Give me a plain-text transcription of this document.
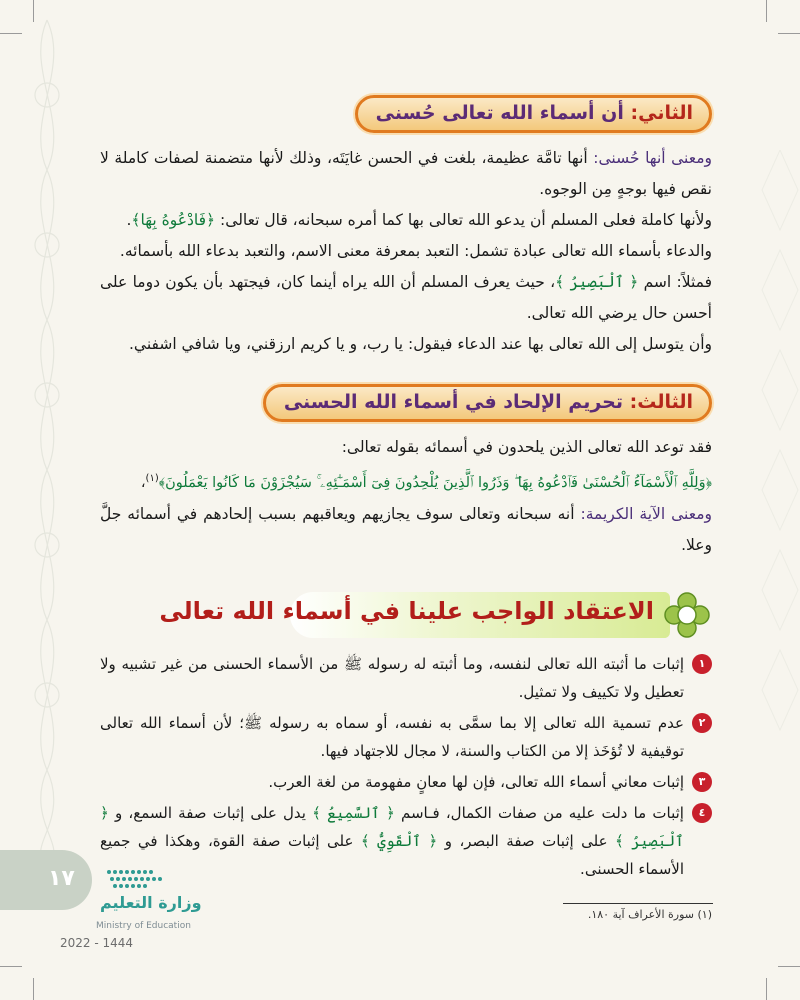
الثاني: أن أسماء الله تعالى حُسنى

ومعنى أنها حُسنى: أنها تامَّة عظيمة، بلغت في الحسن غايَتَه، وذلك لأنها متضمنة لصفات كاملة لا نقص فيها بوجهٍ مِن الوجوه.

ولأنها كاملة فعلى المسلم أن يدعو الله تعالى بها كما أمره سبحانه، قال تعالى: ﴿فَادْعُوهُ بِهَا﴾.

والدعاء بأسماء الله تعالى عبادة تشمل: التعبد بمعرفة معنى الاسم، والتعبد بدعاء الله بأسمائه.

فمثلاً: اسم ﴿ ٱلْبَصِيرُ ﴾، حيث يعرف المسلم أن الله يراه أينما كان، فيجتهد بأن يكون دوما على أحسن حال يرضي الله تعالى.

وأن يتوسل إلى الله تعالى بها عند الدعاء فيقول: يا رب، و يا كريم ارزقني، ويا شافي اشفني.

الثالث: تحريم الإلحاد في أسماء الله الحسنى

فقد توعد الله تعالى الذين يلحدون في أسمائه بقوله تعالى:

﴿وَلِلَّهِ ٱلْأَسْمَآءُ ٱلْحُسْنَىٰ فَٱدْعُوهُ بِهَا ۖ وَذَرُوا ٱلَّذِينَ يُلْحِدُونَ فِىٓ أَسْمَـٰٓئِهِۦ ۚ سَيُجْزَوْنَ مَا كَانُوا يَعْمَلُونَ﴾$^{(١)}$،

ومعنى الآية الكريمة: أنه سبحانه وتعالى سوف يجازيهم ويعاقبهم بسبب إلحادهم في أسمائه جلَّ وعلا.

الاعتقاد الواجب علينا في أسماء الله تعالى
١
إثبات ما أثبته الله تعالى لنفسه، وما أثبته له رسوله ﷺ من الأسماء الحسنى من غير تشبيه ولا تعطيل ولا تكييف ولا تمثيل.
٢
عدم تسمية الله تعالى إلا بما سمَّى به نفسه، أو سماه به رسوله ﷺ؛ لأن أسماء الله تعالى توقيفية لا تُؤخَذ إلا من الكتاب والسنة، لا مجال للاجتهاد فيها.
٣
إثبات معاني أسماء الله تعالى، فإن لها معانٍ مفهومة من لغة العرب.
٤
إثبات ما دلت عليه من صفات الكمال، فـاسم ﴿ ٱلسَّمِيعُ ﴾ يدل على إثبات صفة السمع، و ﴿ ٱلْبَصِيرُ ﴾ على إثبات صفة البصر، و ﴿ ٱلْقَوِيُّ ﴾ على إثبات صفة القوة، وهكذا في جميع الأسماء الحسنى.
(١) سورة الأعراف آية ١٨٠.
١٧
وزارة التعليم
Ministry of Education
2022 - 1444
